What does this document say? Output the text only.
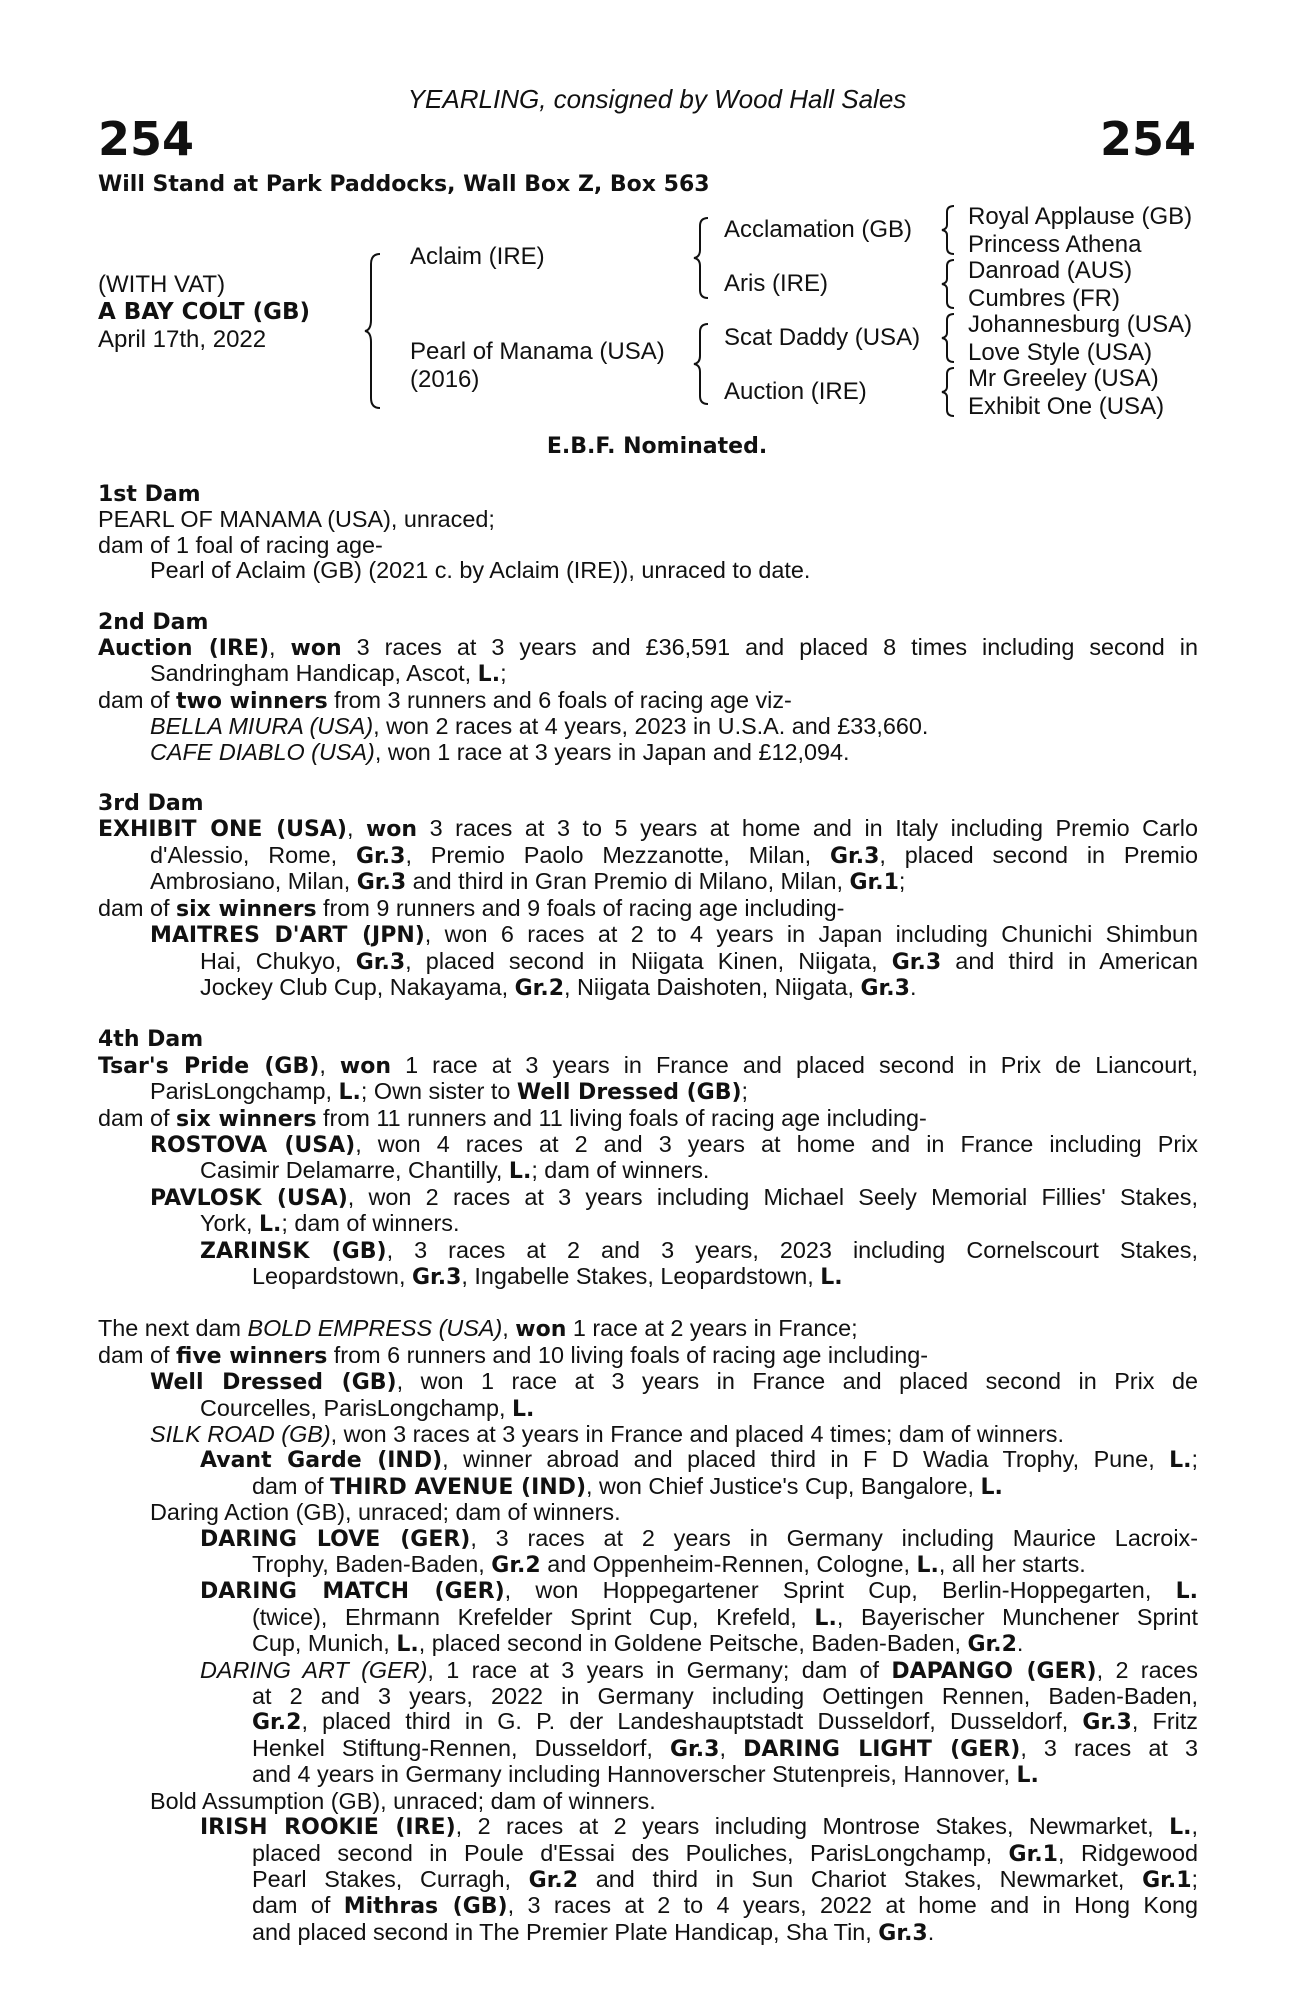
YEARLING, consigned by Wood Hall Sales
254	254
Will Stand at Park Paddocks, Wall Box Z, Box 563
(WITH VAT)
A BAY COLT (GB)
April 17th, 2022
Aclaim (IRE)
Pearl of Manama (USA)
(2016)
Acclamation (GB)
Aris (IRE)
Scat Daddy (USA)
Auction (IRE)
Royal Applause (GB)
Princess Athena
Danroad (AUS)
Cumbres (FR)
Johannesburg (USA)
Love Style (USA)
Mr Greeley (USA)
Exhibit One (USA)
E.B.F. Nominated.
1st Dam
PEARL OF MANAMA (USA), unraced;
dam of 1 foal of racing age-
Pearl of Aclaim (GB) (2021 c. by Aclaim (IRE)), unraced to date.
2nd Dam
Auction (IRE), won 3 races at 3 years and £36,591 and placed 8 times including second in
Sandringham Handicap, Ascot, L.;
dam of two winners from 3 runners and 6 foals of racing age viz-
BELLA MIURA (USA), won 2 races at 4 years, 2023 in U.S.A. and £33,660.
CAFE DIABLO (USA), won 1 race at 3 years in Japan and £12,094.
3rd Dam
EXHIBIT ONE (USA), won 3 races at 3 to 5 years at home and in Italy including Premio Carlo
d'Alessio, Rome, Gr.3, Premio Paolo Mezzanotte, Milan, Gr.3, placed second in Premio
Ambrosiano, Milan, Gr.3 and third in Gran Premio di Milano, Milan, Gr.1;
dam of six winners from 9 runners and 9 foals of racing age including-
MAITRES D'ART (JPN), won 6 races at 2 to 4 years in Japan including Chunichi Shimbun
Hai, Chukyo, Gr.3, placed second in Niigata Kinen, Niigata, Gr.3 and third in American
Jockey Club Cup, Nakayama, Gr.2, Niigata Daishoten, Niigata, Gr.3.
4th Dam
Tsar's Pride (GB), won 1 race at 3 years in France and placed second in Prix de Liancourt,
ParisLongchamp, L.; Own sister to Well Dressed (GB);
dam of six winners from 11 runners and 11 living foals of racing age including-
ROSTOVA (USA), won 4 races at 2 and 3 years at home and in France including Prix
Casimir Delamarre, Chantilly, L.; dam of winners.
PAVLOSK (USA), won 2 races at 3 years including Michael Seely Memorial Fillies' Stakes,
York, L.; dam of winners.
ZARINSK (GB), 3 races at 2 and 3 years, 2023 including Cornelscourt Stakes,
Leopardstown, Gr.3, Ingabelle Stakes, Leopardstown, L.
The next dam BOLD EMPRESS (USA), won 1 race at 2 years in France;
dam of five winners from 6 runners and 10 living foals of racing age including-
Well Dressed (GB), won 1 race at 3 years in France and placed second in Prix de
Courcelles, ParisLongchamp, L.
SILK ROAD (GB), won 3 races at 3 years in France and placed 4 times; dam of winners.
Avant Garde (IND), winner abroad and placed third in F D Wadia Trophy, Pune, L.;
dam of THIRD AVENUE (IND), won Chief Justice's Cup, Bangalore, L.
Daring Action (GB), unraced; dam of winners.
DARING LOVE (GER), 3 races at 2 years in Germany including Maurice Lacroix-
Trophy, Baden-Baden, Gr.2 and Oppenheim-Rennen, Cologne, L., all her starts.
DARING MATCH (GER), won Hoppegartener Sprint Cup, Berlin-Hoppegarten, L.
(twice), Ehrmann Krefelder Sprint Cup, Krefeld, L., Bayerischer Munchener Sprint
Cup, Munich, L., placed second in Goldene Peitsche, Baden-Baden, Gr.2.
DARING ART (GER), 1 race at 3 years in Germany; dam of DAPANGO (GER), 2 races
at 2 and 3 years, 2022 in Germany including Oettingen Rennen, Baden-Baden,
Gr.2, placed third in G. P. der Landeshauptstadt Dusseldorf, Dusseldorf, Gr.3, Fritz
Henkel Stiftung-Rennen, Dusseldorf, Gr.3, DARING LIGHT (GER), 3 races at 3
and 4 years in Germany including Hannoverscher Stutenpreis, Hannover, L.
Bold Assumption (GB), unraced; dam of winners.
IRISH ROOKIE (IRE), 2 races at 2 years including Montrose Stakes, Newmarket, L.,
placed second in Poule d'Essai des Pouliches, ParisLongchamp, Gr.1, Ridgewood
Pearl Stakes, Curragh, Gr.2 and third in Sun Chariot Stakes, Newmarket, Gr.1;
dam of Mithras (GB), 3 races at 2 to 4 years, 2022 at home and in Hong Kong
and placed second in The Premier Plate Handicap, Sha Tin, Gr.3.
